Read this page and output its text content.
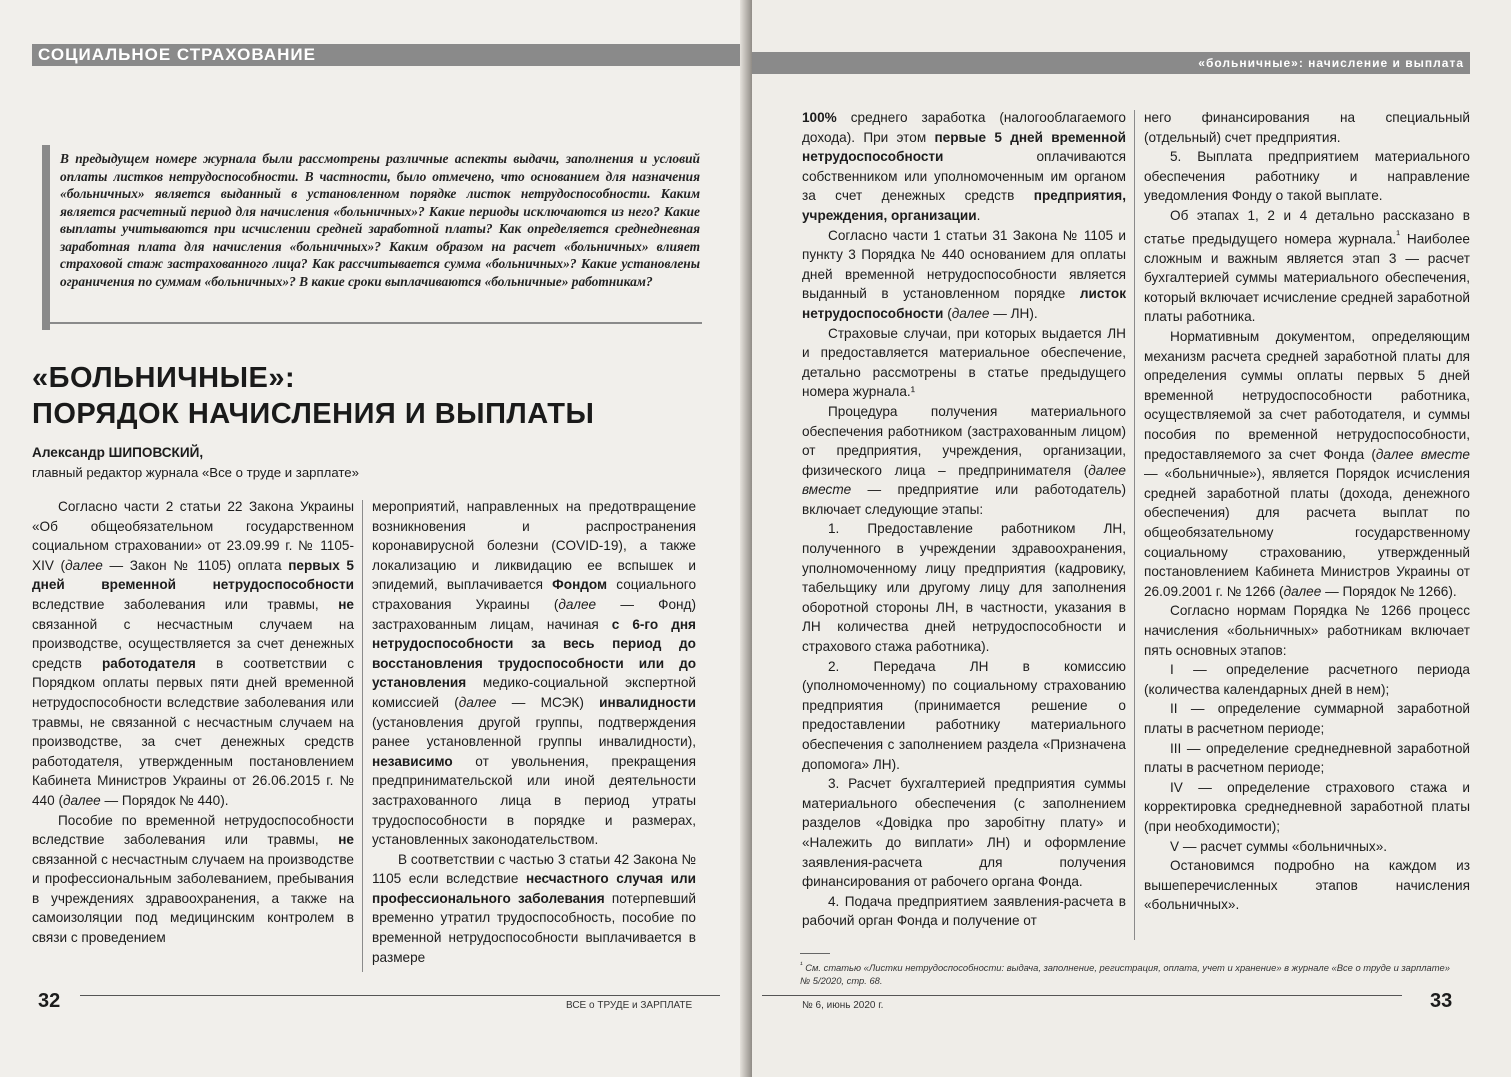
СОЦИАЛЬНОЕ СТРАХОВАНИЕ
В предыдущем номере журнала были рассмотрены различные аспекты выдачи, заполнения и условий оплаты листков нетрудоспособности. В частности, было отмечено, что основанием для назначения «больничных» является выданный в установленном порядке листок нетрудоспособности. Каким является расчетный период для начисления «больничных»? Какие периоды исключаются из него? Какие выплаты учитываются при исчислении средней заработной платы? Как определяется среднедневная заработная плата для начисления «больничных»? Каким образом на расчет «больничных» влияет страховой стаж застрахованного лица? Как рассчитывается сумма «больничных»? Какие установлены ограничения по суммам «больничных»? В какие сроки выплачиваются «больничные» работникам?
«БОЛЬНИЧНЫЕ»:
ПОРЯДОК НАЧИСЛЕНИЯ И ВЫПЛАТЫ
Александр ШИПОВСКИЙ,
главный редактор журнала «Все о труде и зарплате»

Согласно части 2 статьи 22 Закона Украины «Об общеобязательном государственном социальном страховании» от 23.09.99 г. № 1105-XIV (далее — Закон № 1105) оплата первых 5 дней временной нетрудоспособности вследствие заболевания или травмы, не связанной с несчастным случаем на производстве, осуществляется за счет денежных средств работодателя в соответствии с Порядком оплаты первых пяти дней временной нетрудоспособности вследствие заболевания или травмы, не связанной с несчастным случаем на производстве, за счет денежных средств работодателя, утвержденным постановлением Кабинета Министров Украины от 26.06.2015 г. № 440 (далее — Порядок № 440).

Пособие по временной нетрудоспособности вследствие заболевания или травмы, не связанной с несчастным случаем на производстве и профессиональным заболеванием, пребывания в учреждениях здравоохранения, а также на самоизоляции под медицинским контролем в связи с проведением

мероприятий, направленных на предотвращение возникновения и распространения коронавирусной болезни (COVID-19), а также локализацию и ликвидацию ее вспышек и эпидемий, выплачивается Фондом социального страхования Украины (далее — Фонд) застрахованным лицам, начиная с 6-го дня нетрудоспособности за весь период до восстановления трудоспособности или до установления медико-социальной экспертной комиссией (далее — МСЭК) инвалидности (установления другой группы, подтверждения ранее установленной группы инвалидности), независимо от увольнения, прекращения предпринимательской или иной деятельности застрахованного лица в период утраты трудоспособности в порядке и размерах, установленных законодательством.

В соответствии с частью 3 статьи 42 Закона № 1105 если вследствие несчастного случая или профессионального заболевания потерпевший временно утратил трудоспособность, пособие по временной нетрудоспособности выплачивается в размере

32	ВСЕ о ТРУДЕ и ЗАРПЛАТЕ
«больничные»: начисление и выплата

100% среднего заработка (налогооблагаемого дохода). При этом первые 5 дней временной нетрудоспособности оплачиваются собственником или уполномоченным им органом за счет денежных средств предприятия, учреждения, организации.

Согласно части 1 статьи 31 Закона № 1105 и пункту 3 Порядка № 440 основанием для оплаты дней временной нетрудоспособности является выданный в установленном порядке листок нетрудоспособности (далее — ЛН).

Страховые случаи, при которых выдается ЛН и предоставляется материальное обеспечение, детально рассмотрены в статье предыдущего номера журнала.¹

Процедура получения материального обеспечения работником (застрахованным лицом) от предприятия, учреждения, организации, физического лица – предпринимателя (далее вместе — предприятие или работодатель) включает следующие этапы:

1. Предоставление работником ЛН, полученного в учреждении здравоохранения, уполномоченному лицу предприятия (кадровику, табельщику или другому лицу для заполнения оборотной стороны ЛН, в частности, указания в ЛН количества дней нетрудоспособности и страхового стажа работника).

2. Передача ЛН в комиссию (уполномоченному) по социальному страхованию предприятия (принимается решение о предоставлении работнику материального обеспечения с заполнением раздела «Призначена допомога» ЛН).

3. Расчет бухгалтерией предприятия суммы материального обеспечения (с заполнением разделов «Довідка про заробітну плату» и «Належить до виплати» ЛН) и оформление заявления-расчета для получения финансирования от рабочего органа Фонда.

4. Подача предприятием заявления-расчета в рабочий орган Фонда и получение от

него финансирования на специальный (отдельный) счет предприятия.

5. Выплата предприятием материального обеспечения работнику и направление уведомления Фонду о такой выплате.

Об этапах 1, 2 и 4 детально рассказано в статье предыдущего номера журнала.$^{^1}$ Наиболее сложным и важным является этап 3 — расчет бухгалтерией суммы материального обеспечения, который включает исчисление средней заработной платы работника.

Нормативным документом, определяющим механизм расчета средней заработной платы для определения суммы оплаты первых 5 дней временной нетрудоспособности работника, осуществляемой за счет работодателя, и суммы пособия по временной нетрудоспособности, предоставляемого за счет Фонда (далее вместе — «больничные»), является Порядок исчисления средней заработной платы (дохода, денежного обеспечения) для расчета выплат по общеобязательному государственному социальному страхованию, утвержденный постановлением Кабинета Министров Украины от 26.09.2001 г. № 1266 (далее — Порядок № 1266).

Согласно нормам Порядка № 1266 процесс начисления «больничных» работникам включает пять основных этапов:

I — определение расчетного периода (количества календарных дней в нем);

II — определение суммарной заработной платы в расчетном периоде;

III — определение среднедневной заработной платы в расчетном периоде;

IV — определение страхового стажа и корректировка среднедневной заработной платы (при необходимости);

V — расчет суммы «больничных».

Остановимся подробно на каждом из вышеперечисленных этапов начисления «больничных».

$^{^1}$ См. статью «Листки нетрудоспособности: выдача, заполнение, регистрация, оплата, учет и хранение» в журнале «Все о труде и зарплате» № 5/2020, стр. 68.
№ 6, июнь 2020 г.	33
